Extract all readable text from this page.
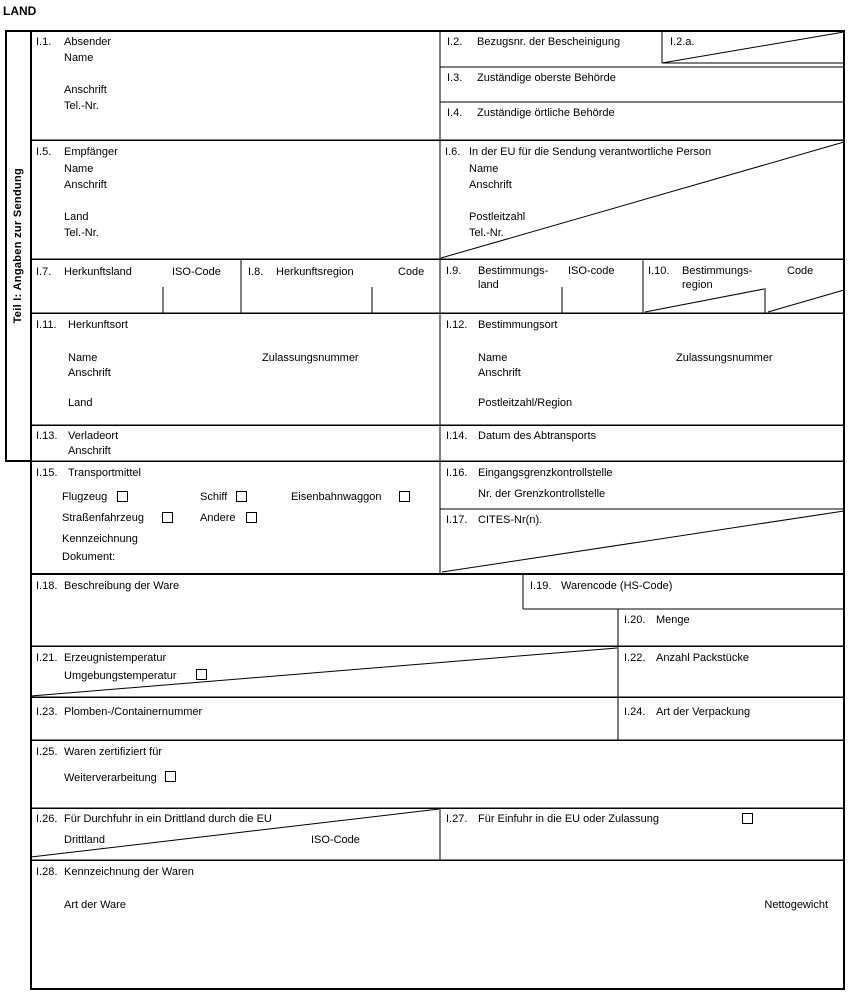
LAND
Teil I: Angaben zur Sendung
I.1. Absender
Name
Anschrift
Tel.-Nr.
I.2. Bezugsnr. der Bescheinigung	I.2.a.
I.3. Zuständige oberste Behörde
I.4. Zuständige örtliche Behörde
I.5. Empfänger
Name
Anschrift
Land
Tel.-Nr.
I.6. In der EU für die Sendung verantwortliche Person
Name
Anschrift
Postleitzahl
Tel.-Nr.
I.7. Herkunftsland	ISO-Code I.8. Herkunftsregion	Code I.9. Bestimmungs-
land
ISO-code	I.10. Bestimmungs-
region
Code
I.11. Herkunftsort
Name	Zulassungsnummer
Anschrift
Land
I.12. Bestimmungsort
Name	Zulassungsnummer
Anschrift
Postleitzahl/Region
I.13. Verladeort
Anschrift
I.14. Datum des Abtransports
I.15. Transportmittel
Flugzeug	Schiff	Eisenbahnwaggon
Straßenfahrzeug	Andere
Kennzeichnung
Dokument:
I.16. Eingangsgrenzkontrollstelle
Nr. der Grenzkontrollstelle
I.17. CITES-Nr(n).
I.18. Beschreibung der Ware	I.19. Warencode (HS-Code)
I.20. Menge
I.21. Erzeugnistemperatur
Umgebungstemperatur
I.22. Anzahl Packstücke
I.23. Plomben-/Containernummer	I.24. Art der Verpackung
I.25. Waren zertifiziert für
Weiterverarbeitung
I.26. Für Durchfuhr in ein Drittland durch die EU
Drittland	ISO-Code
I.27. Für Einfuhr in die EU oder Zulassung
I.28. Kennzeichnung der Waren
Art der Ware	Nettogewicht
